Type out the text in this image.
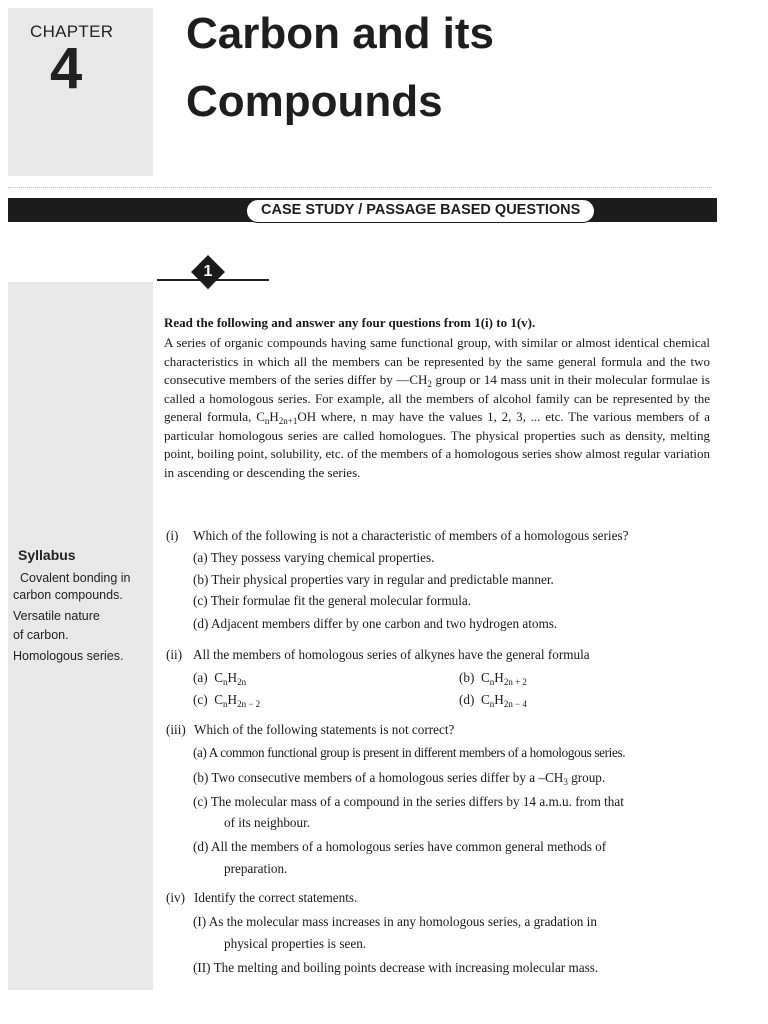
CHAPTER
4
Carbon and its
Compounds
CASE STUDY / PASSAGE BASED QUESTIONS
1
Syllabus
Covalent bonding in
carbon compounds.
Versatile nature
of carbon.
Homologous series.
Read the following and answer any four questions from 1(i) to 1(v).
A series of organic compounds having same functional group, with similar or almost identical chemical characteristics in which all the members can be represented by the same general formula and the two consecutive members of the series differ by $—CH_2$ group or 14 mass unit in their molecular formulae is called a homologous series. For example, all the members of alcohol family can be represented by the general formula, $C_nH_{2n+1}OH$ where, n may have the values 1, 2, 3, ... etc. The various members of a particular homologous series are called homologues. The physical properties such as density, melting point, boiling point, solubility, etc. of the members of a homologous series show almost regular variation in ascending or descending the series.
(i) Which of the following is not a characteristic of members of a homologous series?
(a) They possess varying chemical properties.
(b) Their physical properties vary in regular and predictable manner.
(c) Their formulae fit the general molecular formula.
(d) Adjacent members differ by one carbon and two hydrogen atoms.
(ii) All the members of homologous series of alkynes have the general formula
(a) $C_nH_{2n}$	(b) $C_nH_{2n + 2}$
(c) $C_nH_{2n - 2}$	(d) $C_nH_{2n - 4}$
(iii) Which of the following statements is not correct?
(a) A common functional group is present in different members of a homologous series.
(b) Two consecutive members of a homologous series differ by a $-CH_3$ group.
(c) The molecular mass of a compound in the series differs by 14 a.m.u. from that
of its neighbour.
(d) All the members of a homologous series have common general methods of
preparation.
(iv) Identify the correct statements.
(I) As the molecular mass increases in any homologous series, a gradation in
physical properties is seen.
(II) The melting and boiling points decrease with increasing molecular mass.
